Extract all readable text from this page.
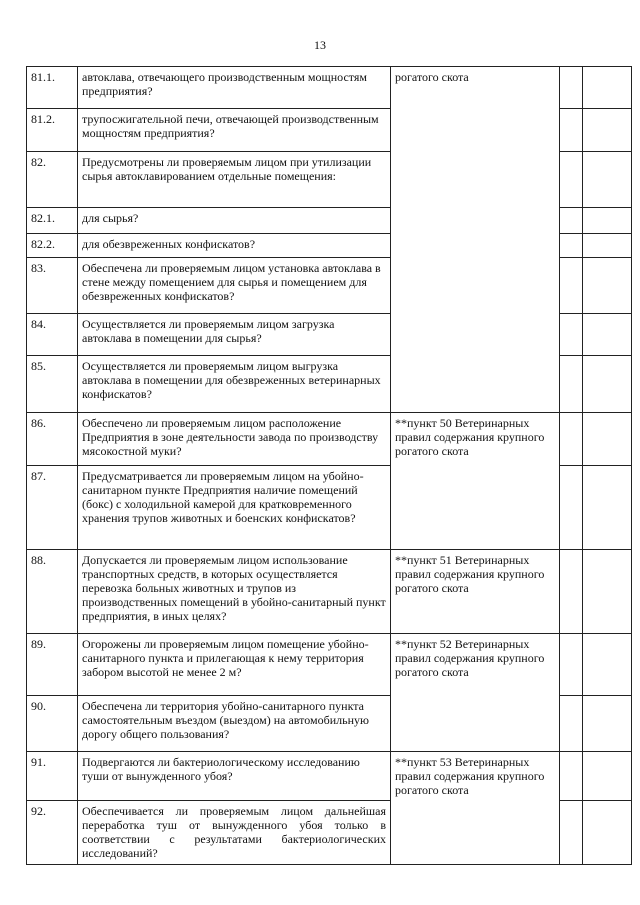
13
81.1.	автоклава, отвечающего производственным мощностям предприятия?	рогатого скота		
81.2.	трупосжигательной печи, отвечающей производственным мощностям предприятия?			
82.	Предусмотрены ли проверяемым лицом при утилизации сырья автоклавированием отдельные помещения:			
82.1.	для сырья?			
82.2.	для обезвреженных конфискатов?			
83.	Обеспечена ли проверяемым лицом установка автоклава в стене между помещением для сырья и помещением для обезвреженных конфискатов?			
84.	Осуществляется ли проверяемым лицом загрузка автоклава в помещении для сырья?			
85.	Осуществляется ли проверяемым лицом выгрузка автоклава в помещении для обезвреженных ветеринарных конфискатов?			
86.	Обеспечено ли проверяемым лицом расположение Предприятия в зоне деятельности завода по производству мясокостной муки?	**пункт 50 Ветеринарных правил содержания крупного рогатого скота		
87.	Предусматривается ли проверяемым лицом на убойно-санитарном пункте Предприятия наличие помещений (бокс) с холодильной камерой для кратковременного хранения трупов животных и боенских конфискатов?			
88.	Допускается ли проверяемым лицом использование транспортных средств, в которых осуществляется перевозка больных животных и трупов из производственных помещений в убойно-санитарный пункт предприятия, в иных целях?	**пункт 51 Ветеринарных правил содержания крупного рогатого скота		
89.	Огорожены ли проверяемым лицом помещение убойно-санитарного пункта и прилегающая к нему территория забором высотой не менее 2 м?	**пункт 52 Ветеринарных правил содержания крупного рогатого скота		
90.	Обеспечена ли территория убойно-санитарного пункта самостоятельным въездом (выездом) на автомобильную дорогу общего пользования?			
91.	Подвергаются ли бактериологическому исследованию туши от вынужденного убоя?	**пункт 53 Ветеринарных правил содержания крупного рогатого скота		
92.	Обеспечивается ли проверяемым лицом дальнейшая переработка туш от вынужденного убоя только в соответствии с результатами бактериологических исследований?			
